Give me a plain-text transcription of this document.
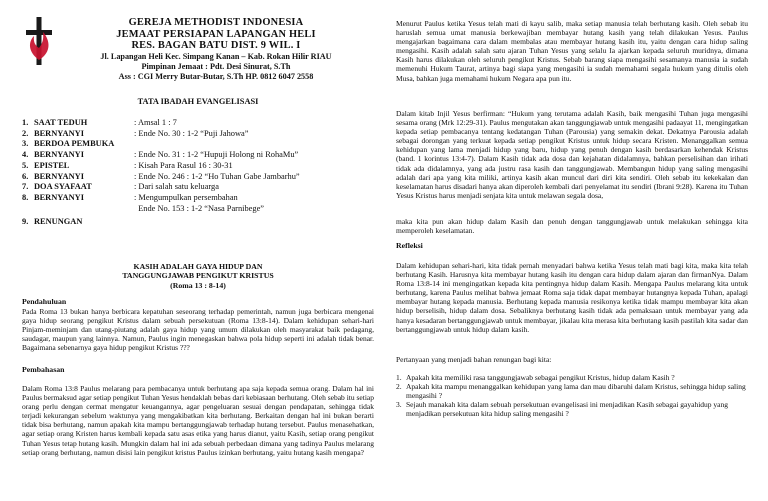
GEREJA METHODIST INDONESIA
JEMAAT PERSIAPAN LAPANGAN HELI
RES. BAGAN BATU DIST. 9 WIL. I
Jl. Lapangan Heli Kec. Simpang Kanan – Kab. Rokan Hilir RIAU
Pimpinan Jemaat : Pdt. Desi Sinurat, S.Th
Ass : CGI Merry Butar-Butar, S.Th HP. 0812 6047 2558
TATA IBADAH EVANGELISASI
1. SAAT TEDUH	: Amsal 1 : 7
2. BERNYANYI	: Ende No. 30 : 1-2 “Puji Jahowa”
3. BERDOA PEMBUKA
4. BERNYANYI	: Ende No. 31 : 1-2 “Hupuji Holong ni RohaMu”
5. EPISTEL	: Kisah Para Rasul 16 : 30-31
6. BERNYANYI	: Ende No. 246 : 1-2 “Ho Tuhan Gabe Jambarhu”
7. DOA SYAFAAT	: Dari salah satu keluarga
8. BERNYANYI	: Mengumpulkan persembahan
Ende No. 153 : 1-2 “Nasa Parnibege”
9. RENUNGAN
KASIH ADALAH GAYA HIDUP DAN
TANGGUNGJAWAB PENGIKUT KRISTUS
(Roma 13 : 8-14)
Pendahuluan
Pada Roma 13 bukan hanya berbicara kepatuhan seseorang terhadap pemerintah, namun juga berbicara mengenai gaya hidup seorang pengikut Kristus dalam sebuah persekutuan (Roma 13:8-14). Dalam kehidupan sehari-hari Pinjam-meminjam dan utang-piutang adalah gaya hidup yang umum dilakukan oleh masyarakat baik pedagang, saudagar, maupun yang lainnya. Namun, Paulus ingin menegaskan bahwa pola hidup seperti ini adalah tidak benar. Bagaimana sebenarnya gaya hidup pengikut Kristus ???
Pembahasan
Dalam Roma 13:8 Paulus melarang para pembacanya untuk berhutang apa saja kepada semua orang. Dalam hal ini Paulus bermaksud agar setiap pengikut Tuhan Yesus hendaklah bebas dari kebiasaan berhutang. Oleh sebab itu setiap orang perlu dengan cermat mengatur keuangannya, agar pengeluaran sesuai dengan pendapatan, sehingga tidak terjadi kekurangan sebelum waktunya yang mengakibatkan kita berhutang. Berkaitan dengan hal ini bukan berarti tidak bisa berhutang, namun apakah kita mampu bertanggungjawab terhadap hutang tersebut. Paulus menasehatkan, agar setiap orang Kristen harus kembali kepada satu asas etika yang harus dianut, yaitu Kasih, setiap orang pengikut Tuhan Yesus tetap hutang kasih. Mungkin dalam hal ini ada sebuah perbedaan dimana yang tadinya Paulus melarang setiap orang berhutang, namun disisi lain pengikut kristus Paulus izinkan berhutang, yaitu hutang kasih mengapa?
Menurut Paulus ketika Yesus telah mati di kayu salib, maka setiap manusia telah berhutang kasih. Oleh sebab itu haruslah semua umat manusia berkewajiban membayar hutang kasih yang telah dilakukan Yesus. Paulus mengajarkan bagaimana cara dalam membalas atau membayar hutang kasih itu, yaitu dengan cara hidup saling mengasihi. Kasih adalah salah satu ajaran Tuhan Yesus yang selalu Ia ajarkan kepada seluruh muridnya, dimana Kasih harus dilakukan oleh seluruh pengikut Kristus. Sebab barang siapa mengasihi sesamanya manusia ia sudah memenuhi Hukum Taurat, artinya bagi siapa yang mengasihi ia sudah memahami segala hukum yang ditulis oleh Musa, bahkan juga memahami hukum Negara apa pun itu.
Dalam kitab Injil Yesus berfirman: “Hukum yang terutama adalah Kasih, baik mengasihi Tuhan juga mengasihi sesama orang (Mrk 12:29-31). Paulus mengutakan akan tanggungjawab untuk mengasihi padaayat 11, mengingatkan kepada setiap pembacanya tentang kedatangan Tuhan (Parousia) yang semakin dekat. Dekatnya Parousia adalah sebagai dorongan yang terkuat kepada setiap pengikut Kristus untuk hidup secara Kristen. Menanggalkan semua kehidupan yang lama menjadi hidup yang baru, hidup yang penuh dengan kasih berdasarkan kehendak Kristus (band. 1 korintus 13:4-7). Dalam Kasih tidak ada dosa dan kejahatan didalamnya, bahkan perselisihan dan irihati tidak ada didalamnya, yang ada justru rasa kasih dan tanggungjawab. Membangun hidup yang saling mengasihi adalah dari apa yang kita miliki, artinya kasih akan muncul dari diri kita sendiri. Oleh sebab itu kekekalan dan keselamatan harus disadari hanya akan diperoleh kembali dari penyelamat itu sendiri (Ibrani 9:28). Karena itu Tuhan Yesus Kristus harus menjadi senjata kita untuk melawan segala dosa,
maka kita pun akan hidup dalam Kasih dan penuh dengan tanggungjawab untuk melakukan sehingga kita memperoleh keselamatan.
Refleksi
Dalam kehidupan sehari-hari, kita tidak pernah menyadari bahwa ketika Yesus telah mati bagi kita, maka kita telah berhutang Kasih. Harusnya kita membayar hutang kasih itu dengan cara hidup dalam ajaran dan firmanNya. Dalam Roma 13:8-14 ini mengingatkan kepada kita pentingnya hidup dalam Kasih. Mengapa Paulus melarang kita untuk berhutang, karena Paulus melihat bahwa jemaat Roma saja tidak dapat membayar hutangnya kepada Tuhan, apalagi membayar hutang kepada manusia. Berhutang kepada manusia resikonya ketika tidak mampu membayar kita akan hidup berselisih, hidup dalam dosa. Sebaliknya berhutang kasih tidak ada pemaksaan untuk membayar yang ada hanya kesadaran bertanggungjawab untuk membayar, jikalau kita merasa kita berhutang kasih pastilah kita sadar dan bertanggungjawab untuk hidup dalam kasih.
Pertanyaan yang menjadi bahan renungan bagi kita:
1. Apakah kita memiliki rasa tanggungjawab sebagai pengikut Kristus, hidup dalam Kasih ?
2. Apakah kita mampu menanggalkan kehidupan yang lama dan mau dibaruhi dalam Kristus, sehingga hidup saling mengasihi ?
3. Sejauh manakah kita dalam sebuah persekutuan evangelisasi ini menjadikan Kasih sebagai gayahidup yang menjadikan persekutuan kita hidup saling mengasihi ?
